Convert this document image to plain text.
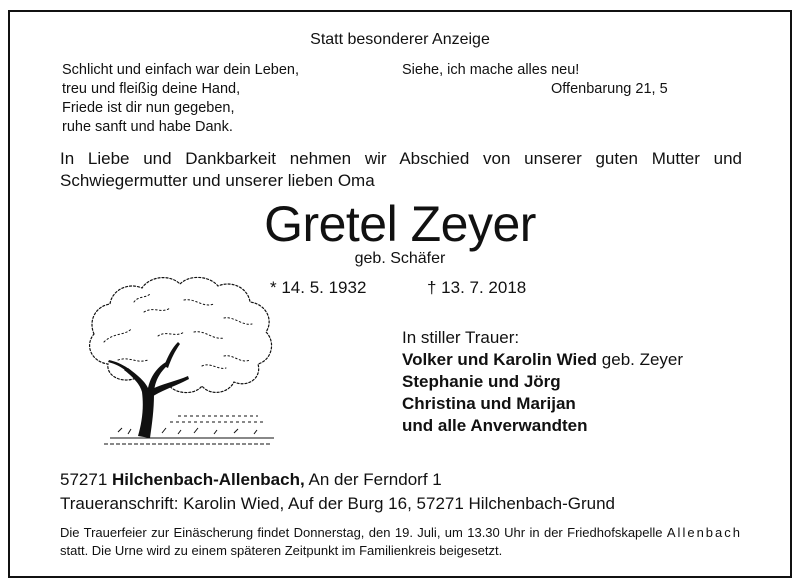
Statt besonderer Anzeige
Schlicht und einfach war dein Leben,
treu und fleißig deine Hand,
Friede ist dir nun gegeben,
ruhe sanft und habe Dank.
Siehe, ich mache alles neu!
Offenbarung 21, 5
In Liebe und Dankbarkeit nehmen wir Abschied von unserer guten Mutter und Schwiegermutter und unserer lieben Oma
Gretel Zeyer
geb. Schäfer
* 14. 5. 1932	† 13. 7. 2018
In stiller Trauer:
Volker und Karolin Wied geb. Zeyer
Stephanie und Jörg
Christina und Marijan
und alle Anverwandten
57271 Hilchenbach-Allenbach, An der Ferndorf 1
Traueranschrift: Karolin Wied, Auf der Burg 16, 57271 Hilchenbach-Grund
Die Trauerfeier zur Einäscherung findet Donnerstag, den 19. Juli, um 13.30 Uhr in der Friedhofskapelle Allenbach statt. Die Urne wird zu einem späteren Zeitpunkt im Familienkreis beigesetzt.
